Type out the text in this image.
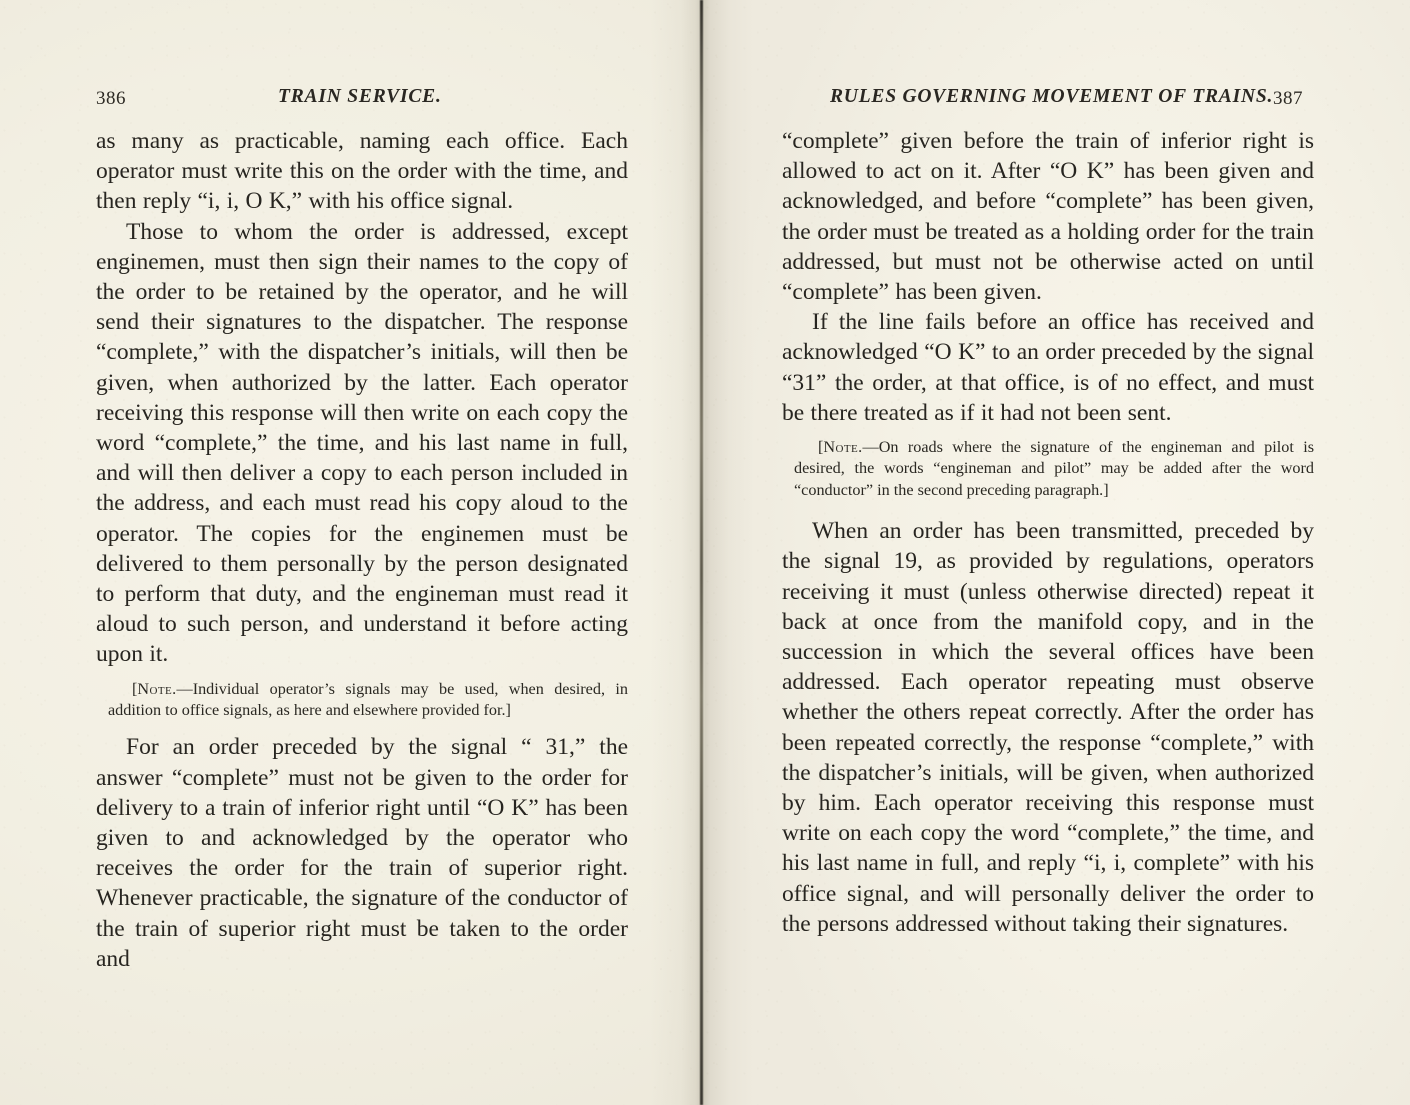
386	TRAIN SERVICE.

as many as practicable, naming each office. Each operator must write this on the order with the time, and then reply “i, i, O K,” with his office signal.

Those to whom the order is addressed, except enginemen, must then sign their names to the copy of the order to be retained by the operator, and he will send their signatures to the dispatcher. The response “complete,” with the dispatcher’s initials, will then be given, when authorized by the latter. Each operator receiving this response will then write on each copy the word “complete,” the time, and his last name in full, and will then deliver a copy to each person included in the address, and each must read his copy aloud to the operator. The copies for the enginemen must be delivered to them personally by the person designated to perform that duty, and the engineman must read it aloud to such person, and understand it before acting upon it.

[Note.—Individual operator’s signals may be used, when desired, in addition to office signals, as here and elsewhere provided for.]

For an order preceded by the signal “ 31,” the answer “complete” must not be given to the order for delivery to a train of inferior right until “O K” has been given to and acknowledged by the operator who receives the order for the train of superior right. Whenever practicable, the signature of the conductor of the train of superior right must be taken to the order and

RULES GOVERNING MOVEMENT OF TRAINS. 387

“complete” given before the train of inferior right is allowed to act on it. After “O K” has been given and acknowledged, and before “complete” has been given, the order must be treated as a holding order for the train addressed, but must not be otherwise acted on until “complete” has been given.

If the line fails before an office has received and acknowledged “O K” to an order preceded by the signal “31” the order, at that office, is of no effect, and must be there treated as if it had not been sent.

[Note.—On roads where the signature of the engineman and pilot is desired, the words “engineman and pilot” may be added after the word “conductor” in the second preceding paragraph.]

When an order has been transmitted, preceded by the signal 19, as provided by regulations, operators receiving it must (unless otherwise directed) repeat it back at once from the manifold copy, and in the succession in which the several offices have been addressed. Each operator repeating must observe whether the others repeat correctly. After the order has been repeated correctly, the response “complete,” with the dispatcher’s initials, will be given, when authorized by him. Each operator receiving this response must write on each copy the word “complete,” the time, and his last name in full, and reply “i, i, complete” with his office signal, and will personally deliver the order to the persons addressed without taking their signatures.
